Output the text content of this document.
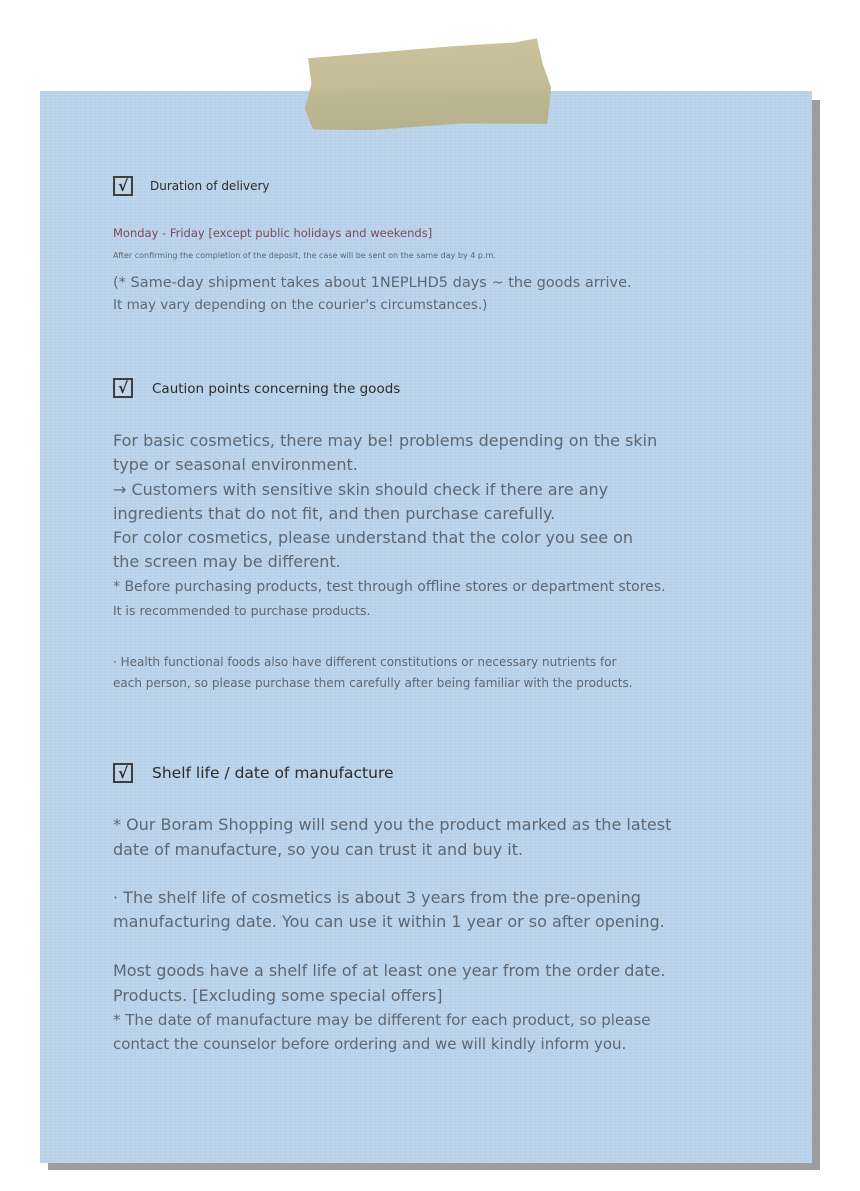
√	Duration of delivery

Monday - Friday [except public holidays and weekends]

After confirming the completion of the deposit, the case will be sent on the same day by 4 p.m.

(* Same-day shipment takes about 1NEPLHD5 days ~ the goods arrive.

It may vary depending on the courier's circumstances.)

√	Caution points concerning the goods

For basic cosmetics, there may be! problems depending on the skin

type or seasonal environment.

→ Customers with sensitive skin should check if there are any

ingredients that do not fit, and then purchase carefully.

For color cosmetics, please understand that the color you see on

the screen may be different.

* Before purchasing products, test through offline stores or department stores.

It is recommended to purchase products.

· Health functional foods also have different constitutions or necessary nutrients for

each person, so please purchase them carefully after being familiar with the products.

√	Shelf life / date of manufacture

* Our Boram Shopping will send you the product marked as the latest

date of manufacture, so you can trust it and buy it.

· The shelf life of cosmetics is about 3 years from the pre-opening

manufacturing date. You can use it within 1 year or so after opening.

Most goods have a shelf life of at least one year from the order date.

Products. [Excluding some special offers]

* The date of manufacture may be different for each product, so please

contact the counselor before ordering and we will kindly inform you.
